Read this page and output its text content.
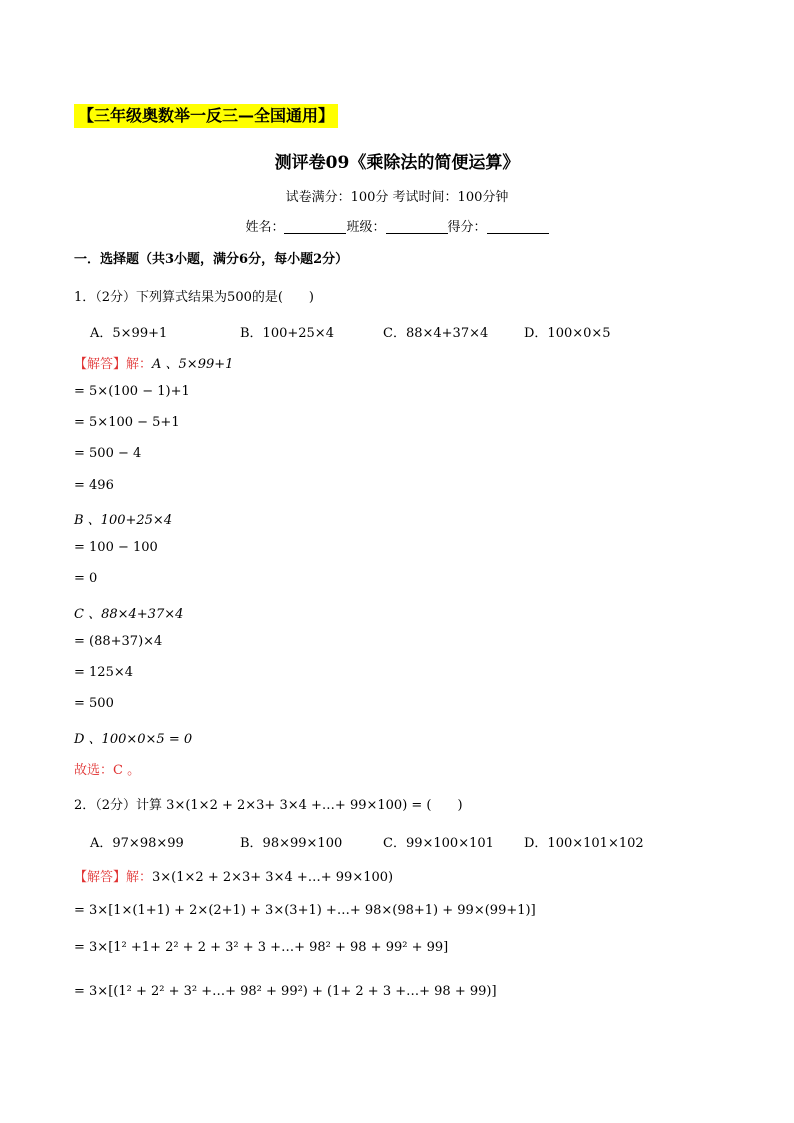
【三年级奥数举一反三—全国通用】
测评卷09《乘除法的简便运算》
试卷满分：100分 考试时间：100分钟
姓名：	班级：	得分：
一．选择题（共3小题，满分6分，每小题2分）
1．（2分）下列算式结果为500的是(　　)
A．5×99+1	B．100+25×4	C．88×4+37×4	D．100×0×5
【解答】解：A 、5×99+1
= 5×(100 − 1)+1
= 5×100 − 5+1
= 500 − 4
= 496
B 、100+25×4
= 100 − 100
= 0
C 、88×4+37×4
= (88+37)×4
= 125×4
= 500
D 、100×0×5 = 0
故选：C 。
2．（2分）计算 3×(1×2 + 2×3+ 3×4 +…+ 99×100) = (　　)
A．97×98×99	B．98×99×100	C．99×100×101 D．100×101×102
【解答】解：3×(1×2 + 2×3+ 3×4 +…+ 99×100)
= 3×[1×(1+1) + 2×(2+1) + 3×(3+1) +…+ 98×(98+1) + 99×(99+1)]
= 3×[1² +1+ 2² + 2 + 3² + 3 +…+ 98² + 98 + 99² + 99]
= 3×[(1² + 2² + 3² +…+ 98² + 99²) + (1+ 2 + 3 +…+ 98 + 99)]
